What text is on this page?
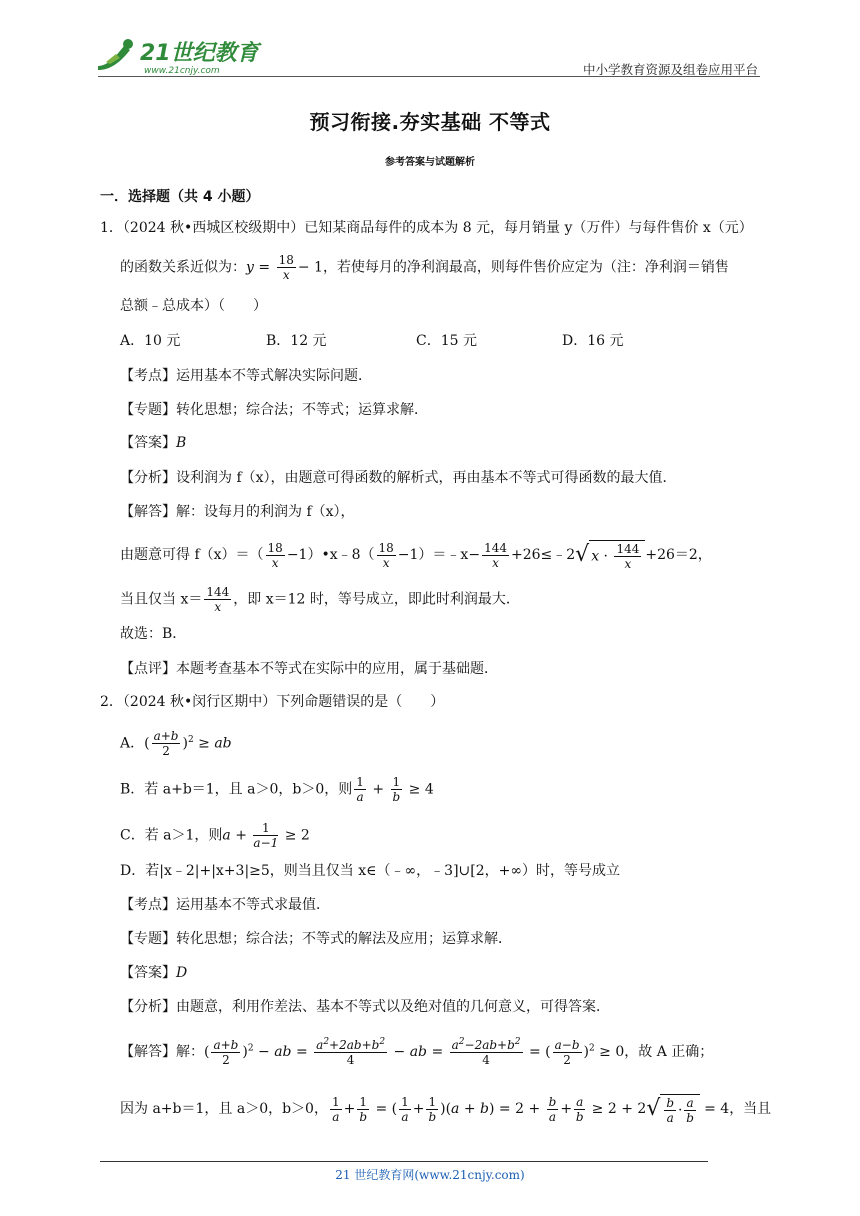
21世纪教育
www.21cnjy.com	中小学教育资源及组卷应用平台
预习衔接.夯实基础 不等式
参考答案与试题解析
一．选择题（共 4 小题）
1．（2024 秋•西城区校级期中）已知某商品每件的成本为 8 元，每月销量 y（万件）与每件售价 x（元）
的函数关系近似为：$y = \frac{18}{x} - 1$，若使每月的净利润最高，则每件售价应定为（注：净利润＝销售
总额﹣总成本）（　　）
A．10 元	B．12 元	C．15 元	D．16 元
【考点】运用基本不等式解决实际问题．
【专题】转化思想；综合法；不等式；运算求解．
【答案】B
【分析】设利润为 f（x），由题意可得函数的解析式，再由基本不等式可得函数的最大值．
【解答】解：设每月的利润为 f（x），
由题意可得 $f(x)=( \frac{18}{x}$ −1）•x﹣8（ $\frac{18}{x}$ −1）＝﹣x− $\frac{144}{x}$ +26≤﹣2√ $x \cdot \frac{144}{x} +26=2$，
当且仅当 $x= \frac{144}{x}$ ，即 x＝12 时，等号成立，即此时利润最大．
故选：B．
【点评】本题考查基本不等式在实际中的应用，属于基础题．
2．（2024 秋•闵行区期中）下列命题错误的是（　　）
A．( $\frac{a+b}{2} )^2$ ≥ ab
B．若 a+b＝1，且 a＞0，b＞0，则 $\frac{1}{a} + \frac{1}{b} \ge 4$
C．若 a＞1，则$a + \frac{1}{a-1} \ge 2$
D．若|x﹣2|+|x+3|≥5，则当且仅当 x∈（﹣∞，﹣3]∪[2，+∞）时，等号成立
【考点】运用基本不等式求最值．
【专题】转化思想；综合法；不等式的解法及应用；运算求解．
【答案】D
【分析】由题意，利用作差法、基本不等式以及绝对值的几何意义，可得答案．
【解答】解：( $\frac{a+b}{2} )^2$ − ab = $\frac{a^2+2ab+b^2}{4}$ − ab = $\frac{a^2-2ab+b^2}{4}$ = ( $\frac{a-b}{2} )^2 \ge 0$，故 A 正确；
因为 a+b＝1，且 a＞0，b＞0， $\frac{1}{a} + \frac{1}{b}$ = ( $\frac{1}{a} + \frac{1}{b} )(a + b) = 2 + \frac{b}{a} + \frac{a}{b} \ge 2 + 2√ \frac{b}{a} \cdot \frac{a}{b} = 4$，当且
21 世纪教育网(www.21cnjy.com)
